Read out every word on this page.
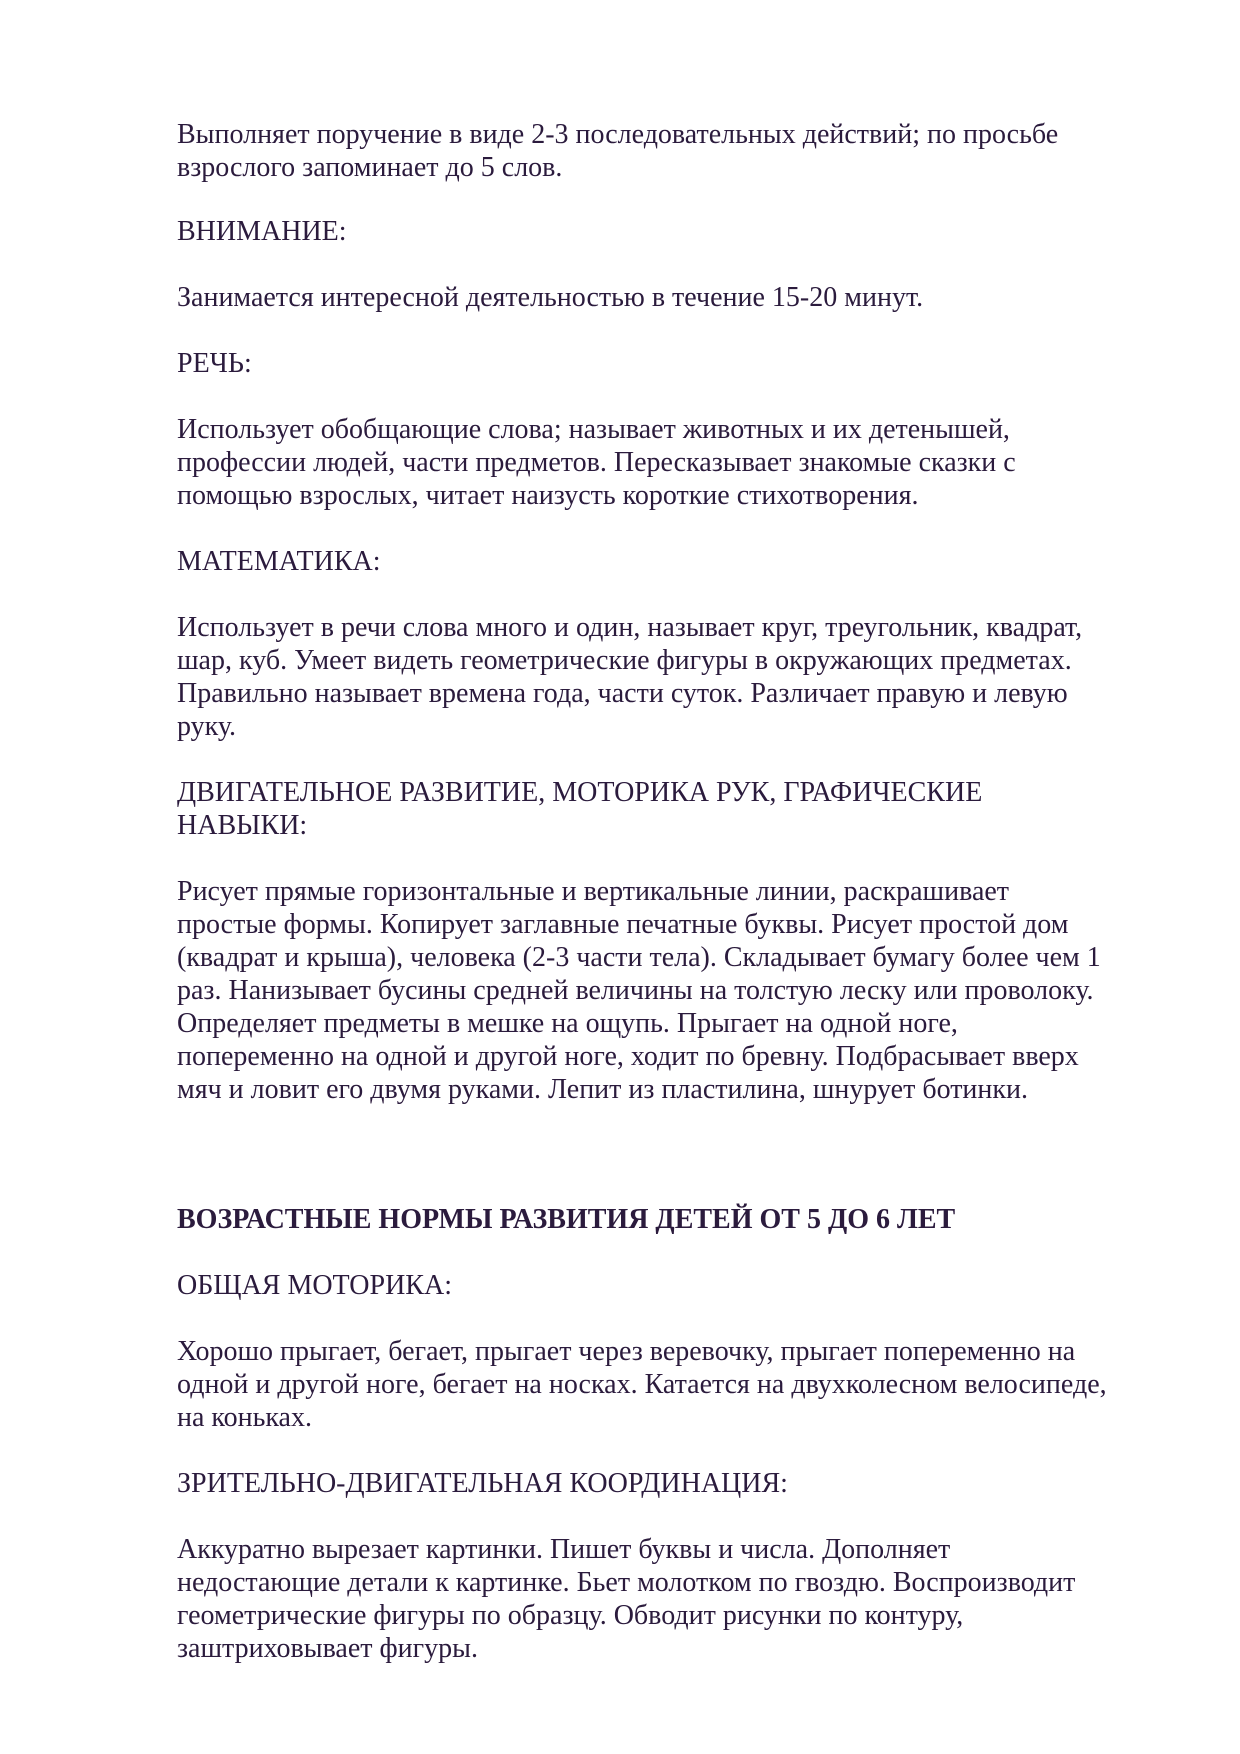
Выполняет поручение в виде 2-3 последовательных действий; по просьбе
взрослого запоминает до 5 слов.

ВНИМАНИЕ:

Занимается интересной деятельностью в течение 15-20 минут.

РЕЧЬ:

Использует обобщающие слова; называет животных и их детенышей,
профессии людей, части предметов. Пересказывает знакомые сказки с
помощью взрослых, читает наизусть короткие стихотворения.

МАТЕМАТИКА:

Использует в речи слова много и один, называет круг, треугольник, квадрат,
шар, куб. Умеет видеть геометрические фигуры в окружающих предметах.
Правильно называет времена года, части суток. Различает правую и левую
руку.

ДВИГАТЕЛЬНОЕ РАЗВИТИЕ, МОТОРИКА РУК, ГРАФИЧЕСКИЕ
НАВЫКИ:

Рисует прямые горизонтальные и вертикальные линии, раскрашивает
простые формы. Копирует заглавные печатные буквы. Рисует простой дом
(квадрат и крыша), человека (2-3 части тела). Складывает бумагу более чем 1
раз. Нанизывает бусины средней величины на толстую леску или проволоку.
Определяет предметы в мешке на ощупь. Прыгает на одной ноге,
попеременно на одной и другой ноге, ходит по бревну. Подбрасывает вверх
мяч и ловит его двумя руками. Лепит из пластилина, шнурует ботинки.

ВОЗРАСТНЫЕ НОРМЫ РАЗВИТИЯ ДЕТЕЙ ОТ 5 ДО 6 ЛЕТ

ОБЩАЯ МОТОРИКА:

Хорошо прыгает, бегает, прыгает через веревочку, прыгает попеременно на
одной и другой ноге, бегает на носках. Катается на двухколесном велосипеде,
на коньках.

ЗРИТЕЛЬНО-ДВИГАТЕЛЬНАЯ КООРДИНАЦИЯ:

Аккуратно вырезает картинки. Пишет буквы и числа. Дополняет
недостающие детали к картинке. Бьет молотком по гвоздю. Воспроизводит
геометрические фигуры по образцу. Обводит рисунки по контуру,
заштриховывает фигуры.
